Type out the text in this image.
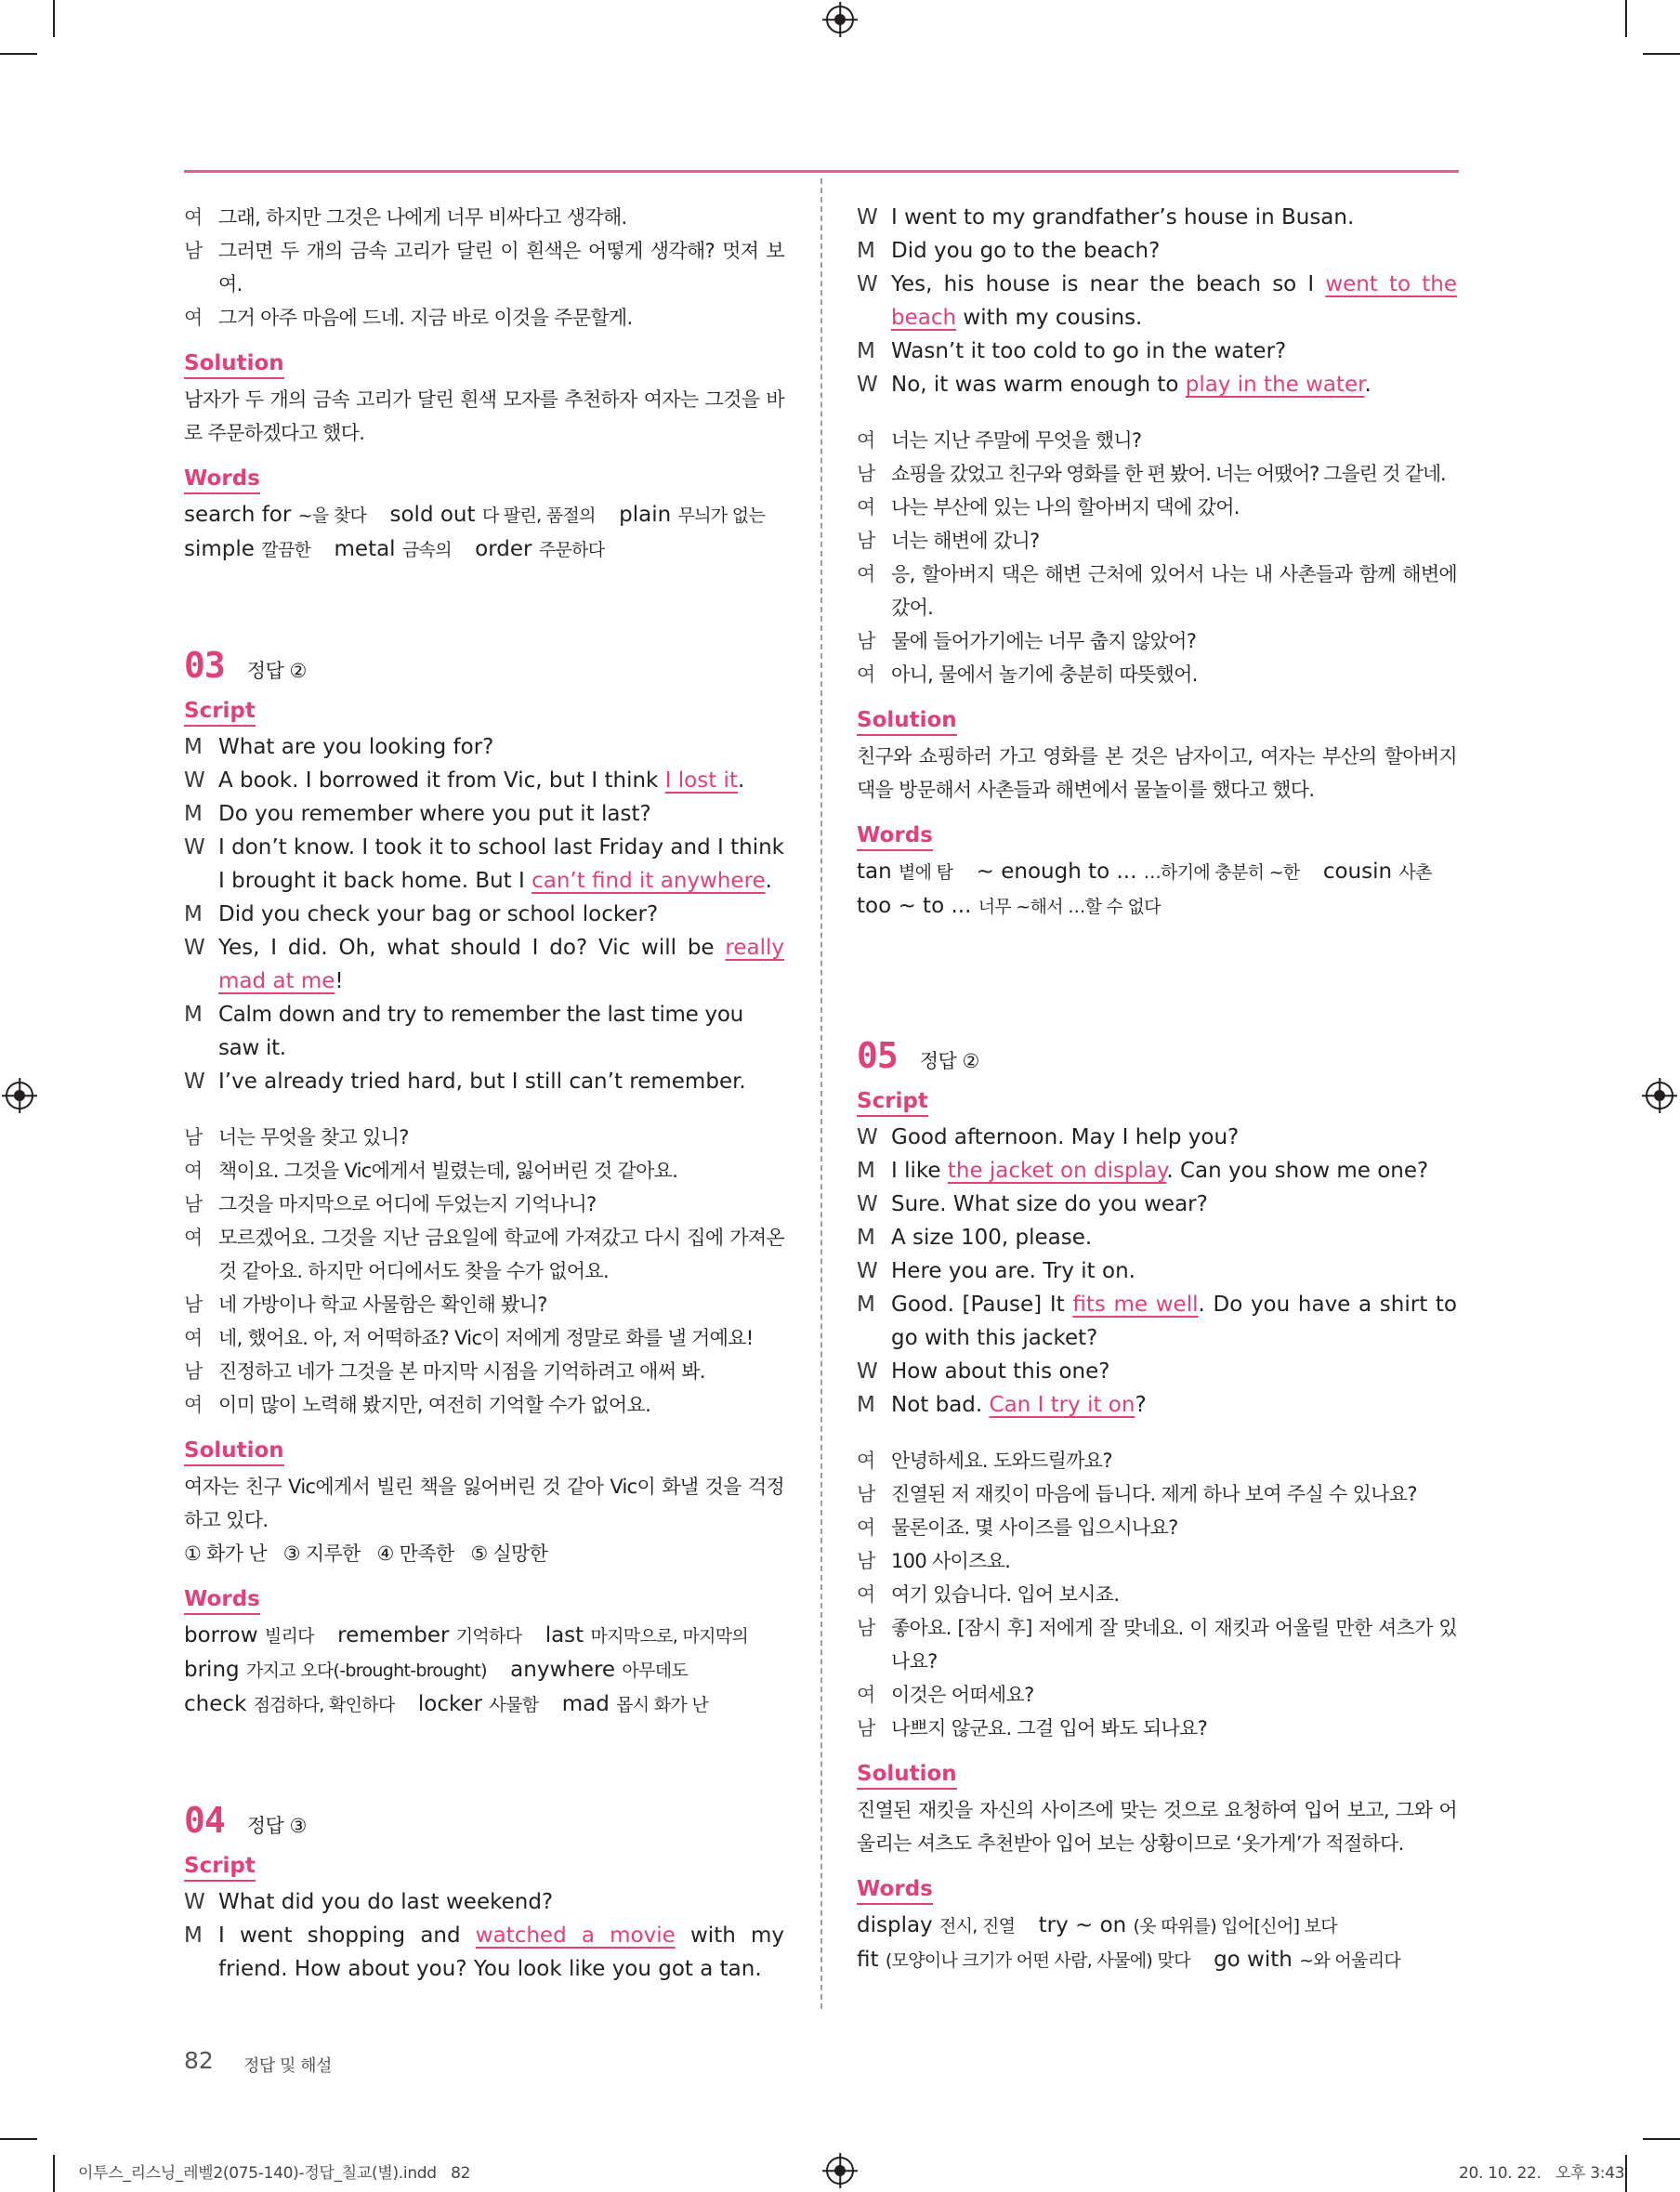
여 그래, 하지만 그것은 나에게 너무 비싸다고 생각해.
남 그러면 두 개의 금속 고리가 달린 이 흰색은 어떻게 생각해? 멋져 보여.
여 그거 아주 마음에 드네. 지금 바로 이것을 주문할게.
Solution
남자가 두 개의 금속 고리가 달린 흰색 모자를 추천하자 여자는 그것을 바로 주문하겠다고 했다.
Words
search for ~을 찾다 sold out 다 팔린, 품절의 plain 무늬가 없는
simple 깔끔한 metal 금속의 order 주문하다
03 정답 ②
Script
M What are you looking for?
W A book. I borrowed it from Vic, but I think I lost it.
M Do you remember where you put it last?
W I don’t know. I took it to school last Friday and I think I brought it back home. But I can’t find it anywhere.
M Did you check your bag or school locker?
W Yes, I did. Oh, what should I do? Vic will be really mad at me!
M Calm down and try to remember the last time you saw it.
W I’ve already tried hard, but I still can’t remember.
남 너는 무엇을 찾고 있니?
여 책이요. 그것을 Vic에게서 빌렸는데, 잃어버린 것 같아요.
남 그것을 마지막으로 어디에 두었는지 기억나니?
여 모르겠어요. 그것을 지난 금요일에 학교에 가져갔고 다시 집에 가져온 것 같아요. 하지만 어디에서도 찾을 수가 없어요.
남 네 가방이나 학교 사물함은 확인해 봤니?
여 네, 했어요. 아, 저 어떡하죠? Vic이 저에게 정말로 화를 낼 거예요!
남 진정하고 네가 그것을 본 마지막 시점을 기억하려고 애써 봐.
여 이미 많이 노력해 봤지만, 여전히 기억할 수가 없어요.
Solution
여자는 친구 Vic에게서 빌린 책을 잃어버린 것 같아 Vic이 화낼 것을 걱정하고 있다.
① 화가 난   ③ 지루한   ④ 만족한   ⑤ 실망한
Words
borrow 빌리다 remember 기억하다 last 마지막으로, 마지막의
bring 가지고 오다(-brought-brought) anywhere 아무데도
check 점검하다, 확인하다 locker 사물함 mad 몹시 화가 난
04 정답 ③
Script
W What did you do last weekend?
M I went shopping and watched a movie with my friend. How about you? You look like you got a tan.
W I went to my grandfather’s house in Busan.
M Did you go to the beach?
W Yes, his house is near the beach so I went to the beach with my cousins.
M Wasn’t it too cold to go in the water?
W No, it was warm enough to play in the water.
여 너는 지난 주말에 무엇을 했니?
남 쇼핑을 갔었고 친구와 영화를 한 편 봤어. 너는 어땠어? 그을린 것 같네.
여 나는 부산에 있는 나의 할아버지 댁에 갔어.
남 너는 해변에 갔니?
여 응, 할아버지 댁은 해변 근처에 있어서 나는 내 사촌들과 함께 해변에 갔어.
남 물에 들어가기에는 너무 춥지 않았어?
여 아니, 물에서 놀기에 충분히 따뜻했어.
Solution
친구와 쇼핑하러 가고 영화를 본 것은 남자이고, 여자는 부산의 할아버지 댁을 방문해서 사촌들과 해변에서 물놀이를 했다고 했다.
Words
tan 볕에 탐 ~ enough to ... …하기에 충분히 ~한 cousin 사촌
too ~ to ... 너무 ~해서 …할 수 없다
05 정답 ②
Script
W Good afternoon. May I help you?
M I like the jacket on display. Can you show me one?
W Sure. What size do you wear?
M A size 100, please.
W Here you are. Try it on.
M Good. [Pause] It fits me well. Do you have a shirt to go with this jacket?
W How about this one?
M Not bad. Can I try it on?
여 안녕하세요. 도와드릴까요?
남 진열된 저 재킷이 마음에 듭니다. 제게 하나 보여 주실 수 있나요?
여 물론이죠. 몇 사이즈를 입으시나요?
남 100 사이즈요.
여 여기 있습니다. 입어 보시죠.
남 좋아요. [잠시 후] 저에게 잘 맞네요. 이 재킷과 어울릴 만한 셔츠가 있나요?
여 이것은 어떠세요?
남 나쁘지 않군요. 그걸 입어 봐도 되나요?
Solution
진열된 재킷을 자신의 사이즈에 맞는 것으로 요청하여 입어 보고, 그와 어울리는 셔츠도 추천받아 입어 보는 상황이므로 ‘옷가게’가 적절하다.
Words
display 전시, 진열 try ~ on (옷 따위를) 입어[신어] 보다
fit (모양이나 크기가 어떤 사람, 사물에) 맞다 go with ~와 어울리다
82 정답 및 해설
이투스_리스닝_레벨2(075-140)-정답_칠교(별).indd   82	20. 10. 22.   오후 3:43
